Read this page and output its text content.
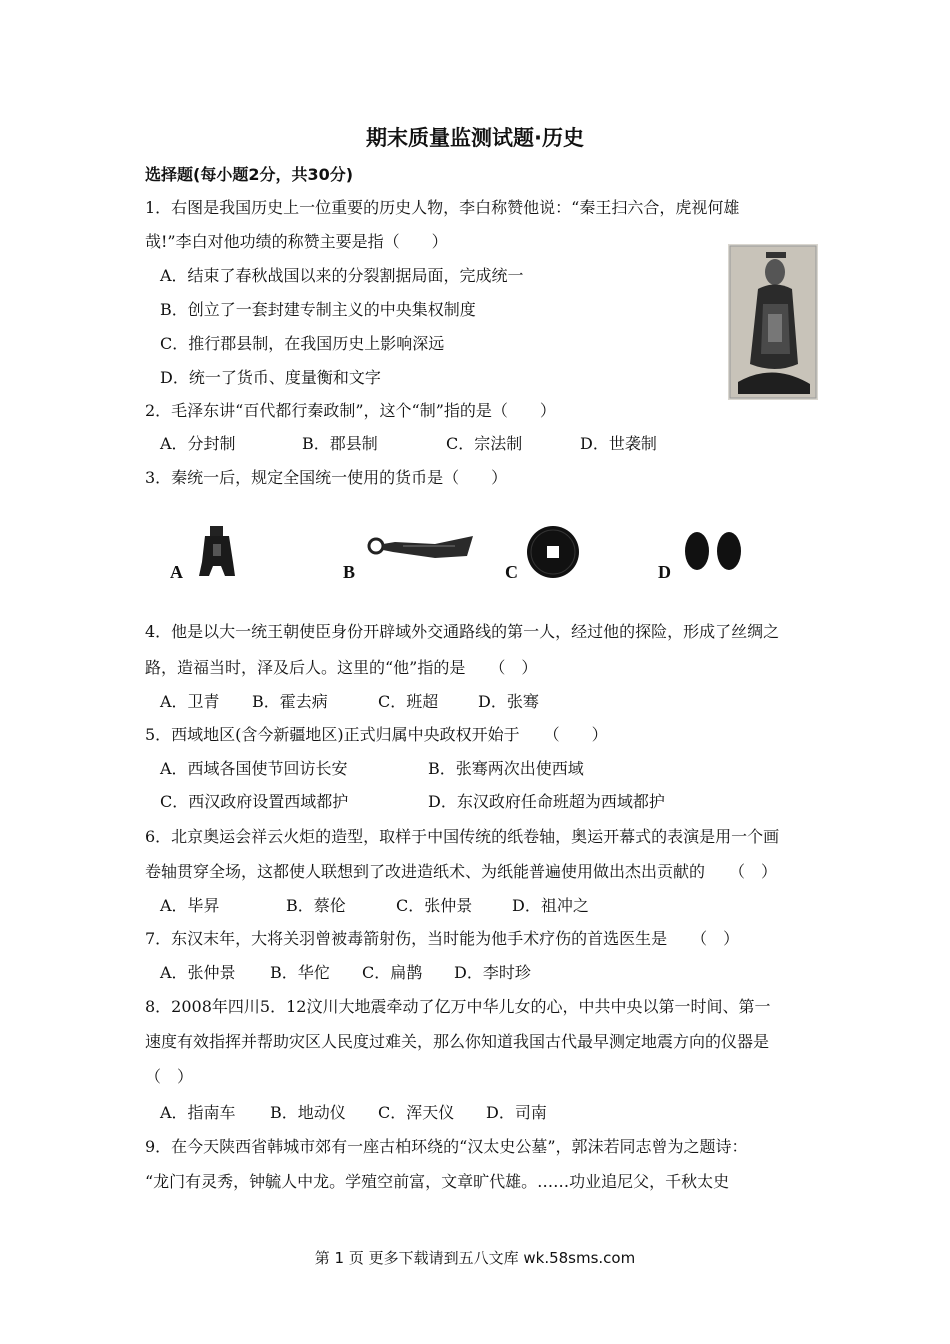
期末质量监测试题·历史
选择题(每小题2分，共30分)
1．右图是我国历史上一位重要的历史人物，李白称赞他说：“秦王扫六合，虎视何雄
哉!”李白对他功绩的称赞主要是指（　　）
A．结束了春秋战国以来的分裂割据局面，完成统一
B．创立了一套封建专制主义的中央集权制度
C．推行郡县制，在我国历史上影响深远
D．统一了货币、度量衡和文字
2．毛泽东讲“百代都行秦政制”，这个“制”指的是（　　）
A．分封制	B．郡县制	C．宗法制	D．世袭制
3．秦统一后，规定全国统一使用的货币是（　　）
A	B	C	D
4．他是以大一统王朝使臣身份开辟域外交通路线的第一人，经过他的探险，形成了丝绸之
路，造福当时，泽及后人。这里的“他”指的是　　（　）
A．卫青 B．霍去病	C．班超 D．张骞
5．西域地区(含今新疆地区)正式归属中央政权开始于　　（　　）
A．西域各国使节回访长安	B．张骞两次出使西域
C．西汉政府设置西域都护	D．东汉政府任命班超为西域都护
6．北京奥运会祥云火炬的造型，取样于中国传统的纸卷轴，奥运开幕式的表演是用一个画
卷轴贯穿全场，这都使人联想到了改进造纸术、为纸能普遍使用做出杰出贡献的　　（　）
A．毕昇	B．蔡伦	C．张仲景 D．祖冲之
7．东汉末年，大将关羽曾被毒箭射伤，当时能为他手术疗伤的首选医生是　　（　）
A．张仲景 B．华佗 C．扁鹊 D．李时珍
8．2008年四川5．12汶川大地震牵动了亿万中华儿女的心，中共中央以第一时间、第一
速度有效指挥并帮助灾区人民度过难关，那么你知道我国古代最早测定地震方向的仪器是
（　）
A．指南车 B．地动仪 C．浑天仪 D．司南
9．在今天陕西省韩城市郊有一座古柏环绕的“汉太史公墓”，郭沫若同志曾为之题诗：
“龙门有灵秀，钟毓人中龙。学殖空前富，文章旷代雄。……功业追尼父，千秋太史
第 1 页 更多下载请到五八文库 wk.58sms.com
